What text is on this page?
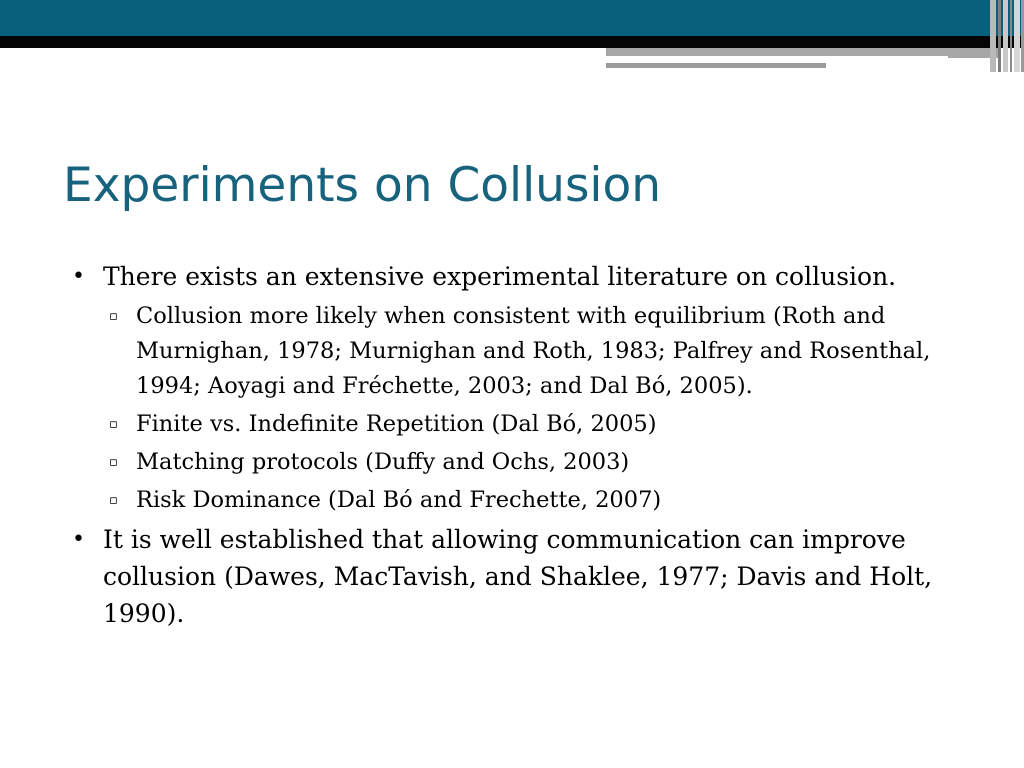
Experiments on Collusion
• There exists an extensive experimental literature on collusion.
▫ Collusion more likely when consistent with equilibrium (Roth and Murnighan, 1978; Murnighan and Roth, 1983; Palfrey and Rosenthal, 1994; Aoyagi and Fréchette, 2003; and Dal Bó, 2005).
▫ Finite vs. Indefinite Repetition (Dal Bó, 2005)
▫ Matching protocols (Duffy and Ochs, 2003)
▫ Risk Dominance (Dal Bó and Frechette, 2007)
• It is well established that allowing communication can improve collusion (Dawes, MacTavish, and Shaklee, 1977; Davis and Holt, 1990).
